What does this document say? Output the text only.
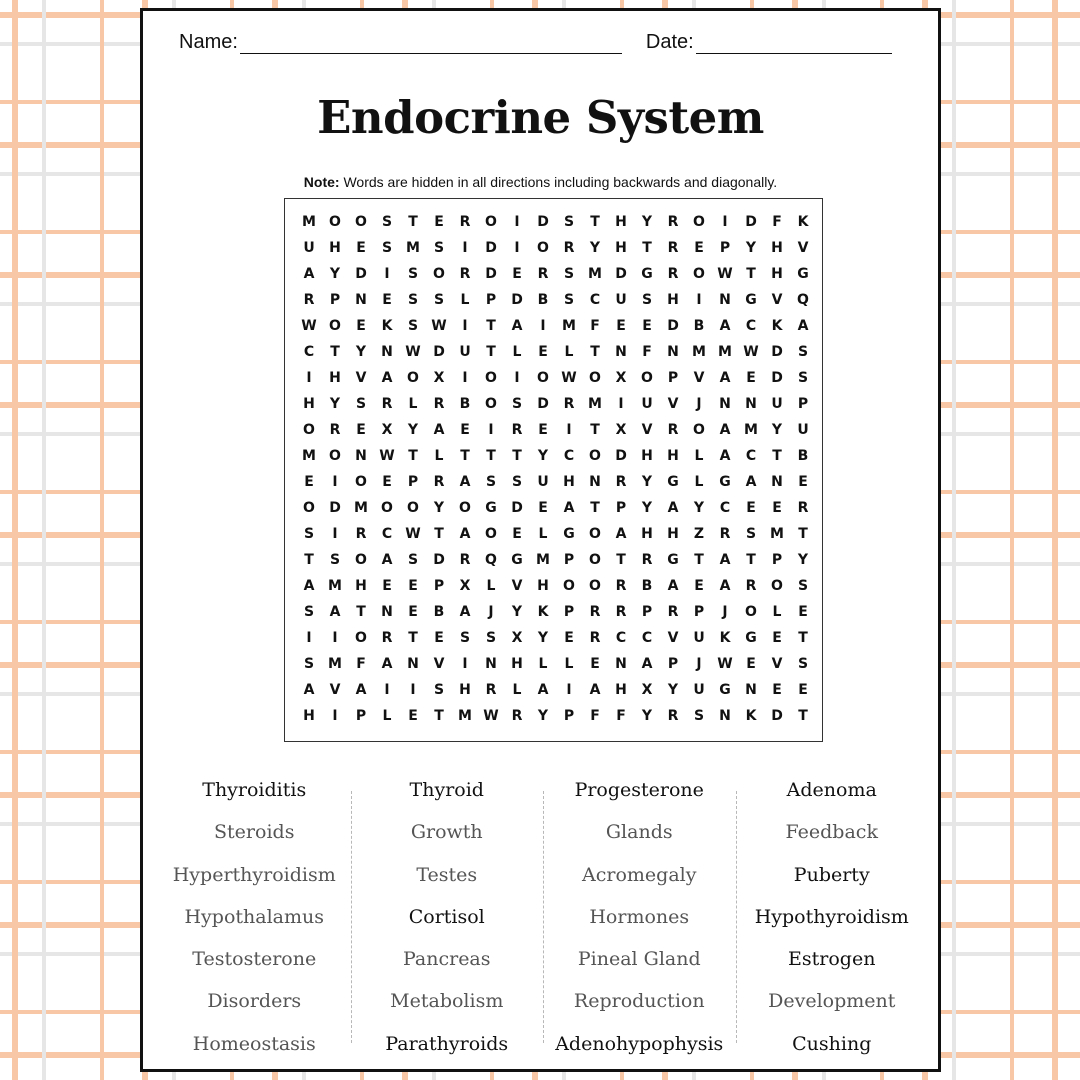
Name:	Date:
Endocrine System
Note: Words are hidden in all directions including backwards and diagonally.
M O	O	S	T	E	R	O	I	D	S	T	H	Y	R	O	I	D	F	K
U	H	E	S M S	I	D	I	O	R	Y	H	T	R	E	P	Y	H	V
A	Y	D	I	S	O	R	D	E	R	S M D	G	R	O W T	H	G
R	P	N	E	S	S	L	P	D	B	S	C	U	S	H	I	N	G	V	Q
W O	E	K	S W	I	T	A	I	M	F	E	E	D	B	A	C	K	A
C	T	Y	N W D	U	T	L	E	L	T	N	F	N M M W D	S
I	H	V	A	O	X	I	O	I	O W O	X	O	P	V	A	E	D	S
H	Y	S	R	L	R	B	O	S	D	R M	I	U	V	J	N	N	U	P
O	R	E	X	Y	A	E	I	R	E	I	T	X	V	R	O	A M Y	U
M O	N W T	L	T	T	T	Y	C	O	D	H	H	L	A	C	T	B
E	I	O	E	P	R	A	S	S	U	H	N	R	Y	G	L	G	A	N	E
O	D M O	O	Y	O	G	D	E	A	T	P	Y	A	Y	C	E	E	R
S	I	R	C W T	A	O	E	L	G	O	A	H	H	Z	R	S M	T
T	S	O	A	S	D	R	Q	G M P	O	T	R	G	T	A	T	P	Y
A M H	E	E	P	X	L	V	H	O	O	R	B	A	E	A	R	O	S
S	A	T	N	E	B	A	J	Y	K	P	R	R	P	R	P	J	O	L	E
I	I	O	R	T	E	S	S	X	Y	E	R	C	C	V	U	K	G	E	T
S M	F	A	N	V	I	N	H	L	L	E	N	A	P	J	W E	V	S
A	V	A	I	I	S	H	R	L	A	I	A	H	X	Y	U	G	N	E	E
H	I	P	L	E	T	M W R	Y	P	F	F	Y	R	S	N	K	D	T
Thyroiditis
Steroids
Hyperthyroidism
Hypothalamus
Testosterone
Disorders
Homeostasis
Thyroid
Growth
Testes
Cortisol
Pancreas
Metabolism
Parathyroids
Progesterone
Glands
Acromegaly
Hormones
Pineal Gland
Reproduction
Adenohypophysis
Adenoma
Feedback
Puberty
Hypothyroidism
Estrogen
Development
Cushing
